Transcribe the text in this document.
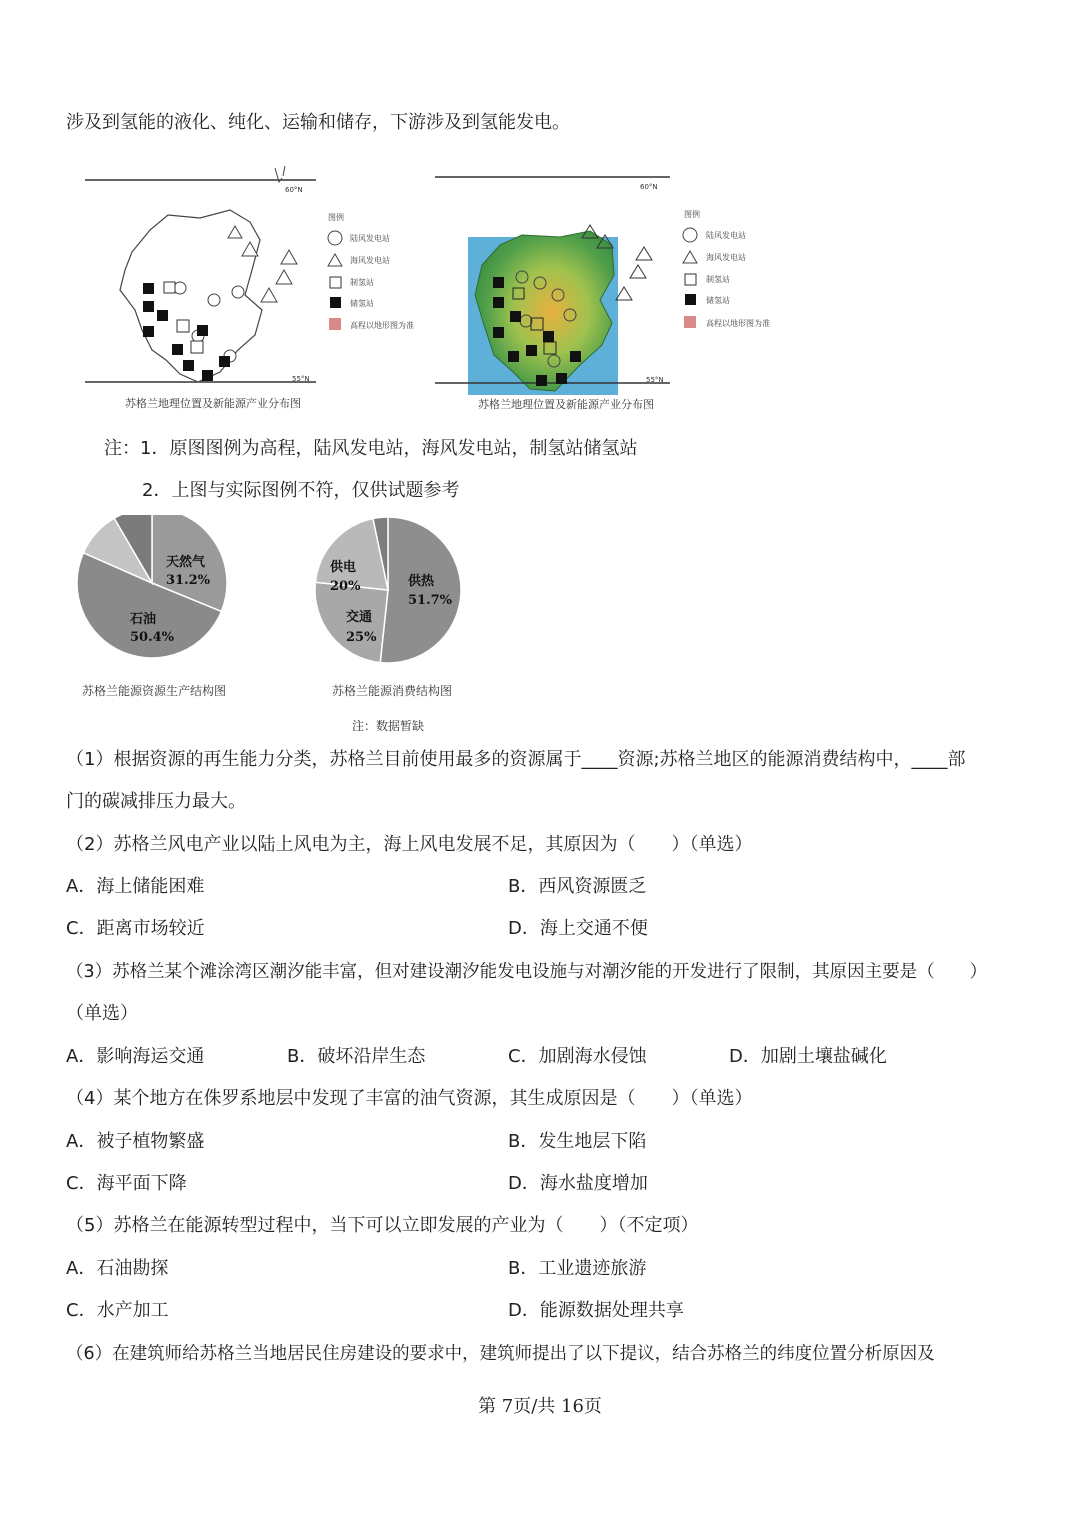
涉及到氢能的液化、纯化、运输和储存，下游涉及到氢能发电。
60°N
55°N
图例
陆风发电站
海风发电站
制氢站
储氢站
高程以地形图为准
苏格兰地理位置及新能源产业分布图
60°N
55°N
图例
陆风发电站
海风发电站
制氢站
储氢站
高程以地形图为准
苏格兰地理位置及新能源产业分布图
注：1．原图图例为高程，陆风发电站，海风发电站，制氢站储氢站
2．上图与实际图例不符，仅供试题参考
天然气
31.2%
石油
50.4%
供热
51.7%
交通
25%
供电
20%
苏格兰能源资源生产结构图	苏格兰能源消费结构图
注：数据暂缺
（1）根据资源的再生能力分类，苏格兰目前使用最多的资源属于____资源;苏格兰地区的能源消费结构中，____部
门的碳减排压力最大。
（2）苏格兰风电产业以陆上风电为主，海上风电发展不足，其原因为（　　）（单选）
A．海上储能困难	B．西风资源匮乏
C．距离市场较近	D．海上交通不便
（3）苏格兰某个滩涂湾区潮汐能丰富，但对建设潮汐能发电设施与对潮汐能的开发进行了限制，其原因主要是（　　）
（单选）
A．影响海运交通	B．破坏沿岸生态	C．加剧海水侵蚀	D．加剧土壤盐碱化
（4）某个地方在侏罗系地层中发现了丰富的油气资源，其生成原因是（　　）（单选）
A．被子植物繁盛	B．发生地层下陷
C．海平面下降	D．海水盐度增加
（5）苏格兰在能源转型过程中，当下可以立即发展的产业为（　　）（不定项）
A．石油勘探	B．工业遗迹旅游
C．水产加工	D．能源数据处理共享
（6）在建筑师给苏格兰当地居民住房建设的要求中，建筑师提出了以下提议，结合苏格兰的纬度位置分析原因及
第 7页/共 16页
